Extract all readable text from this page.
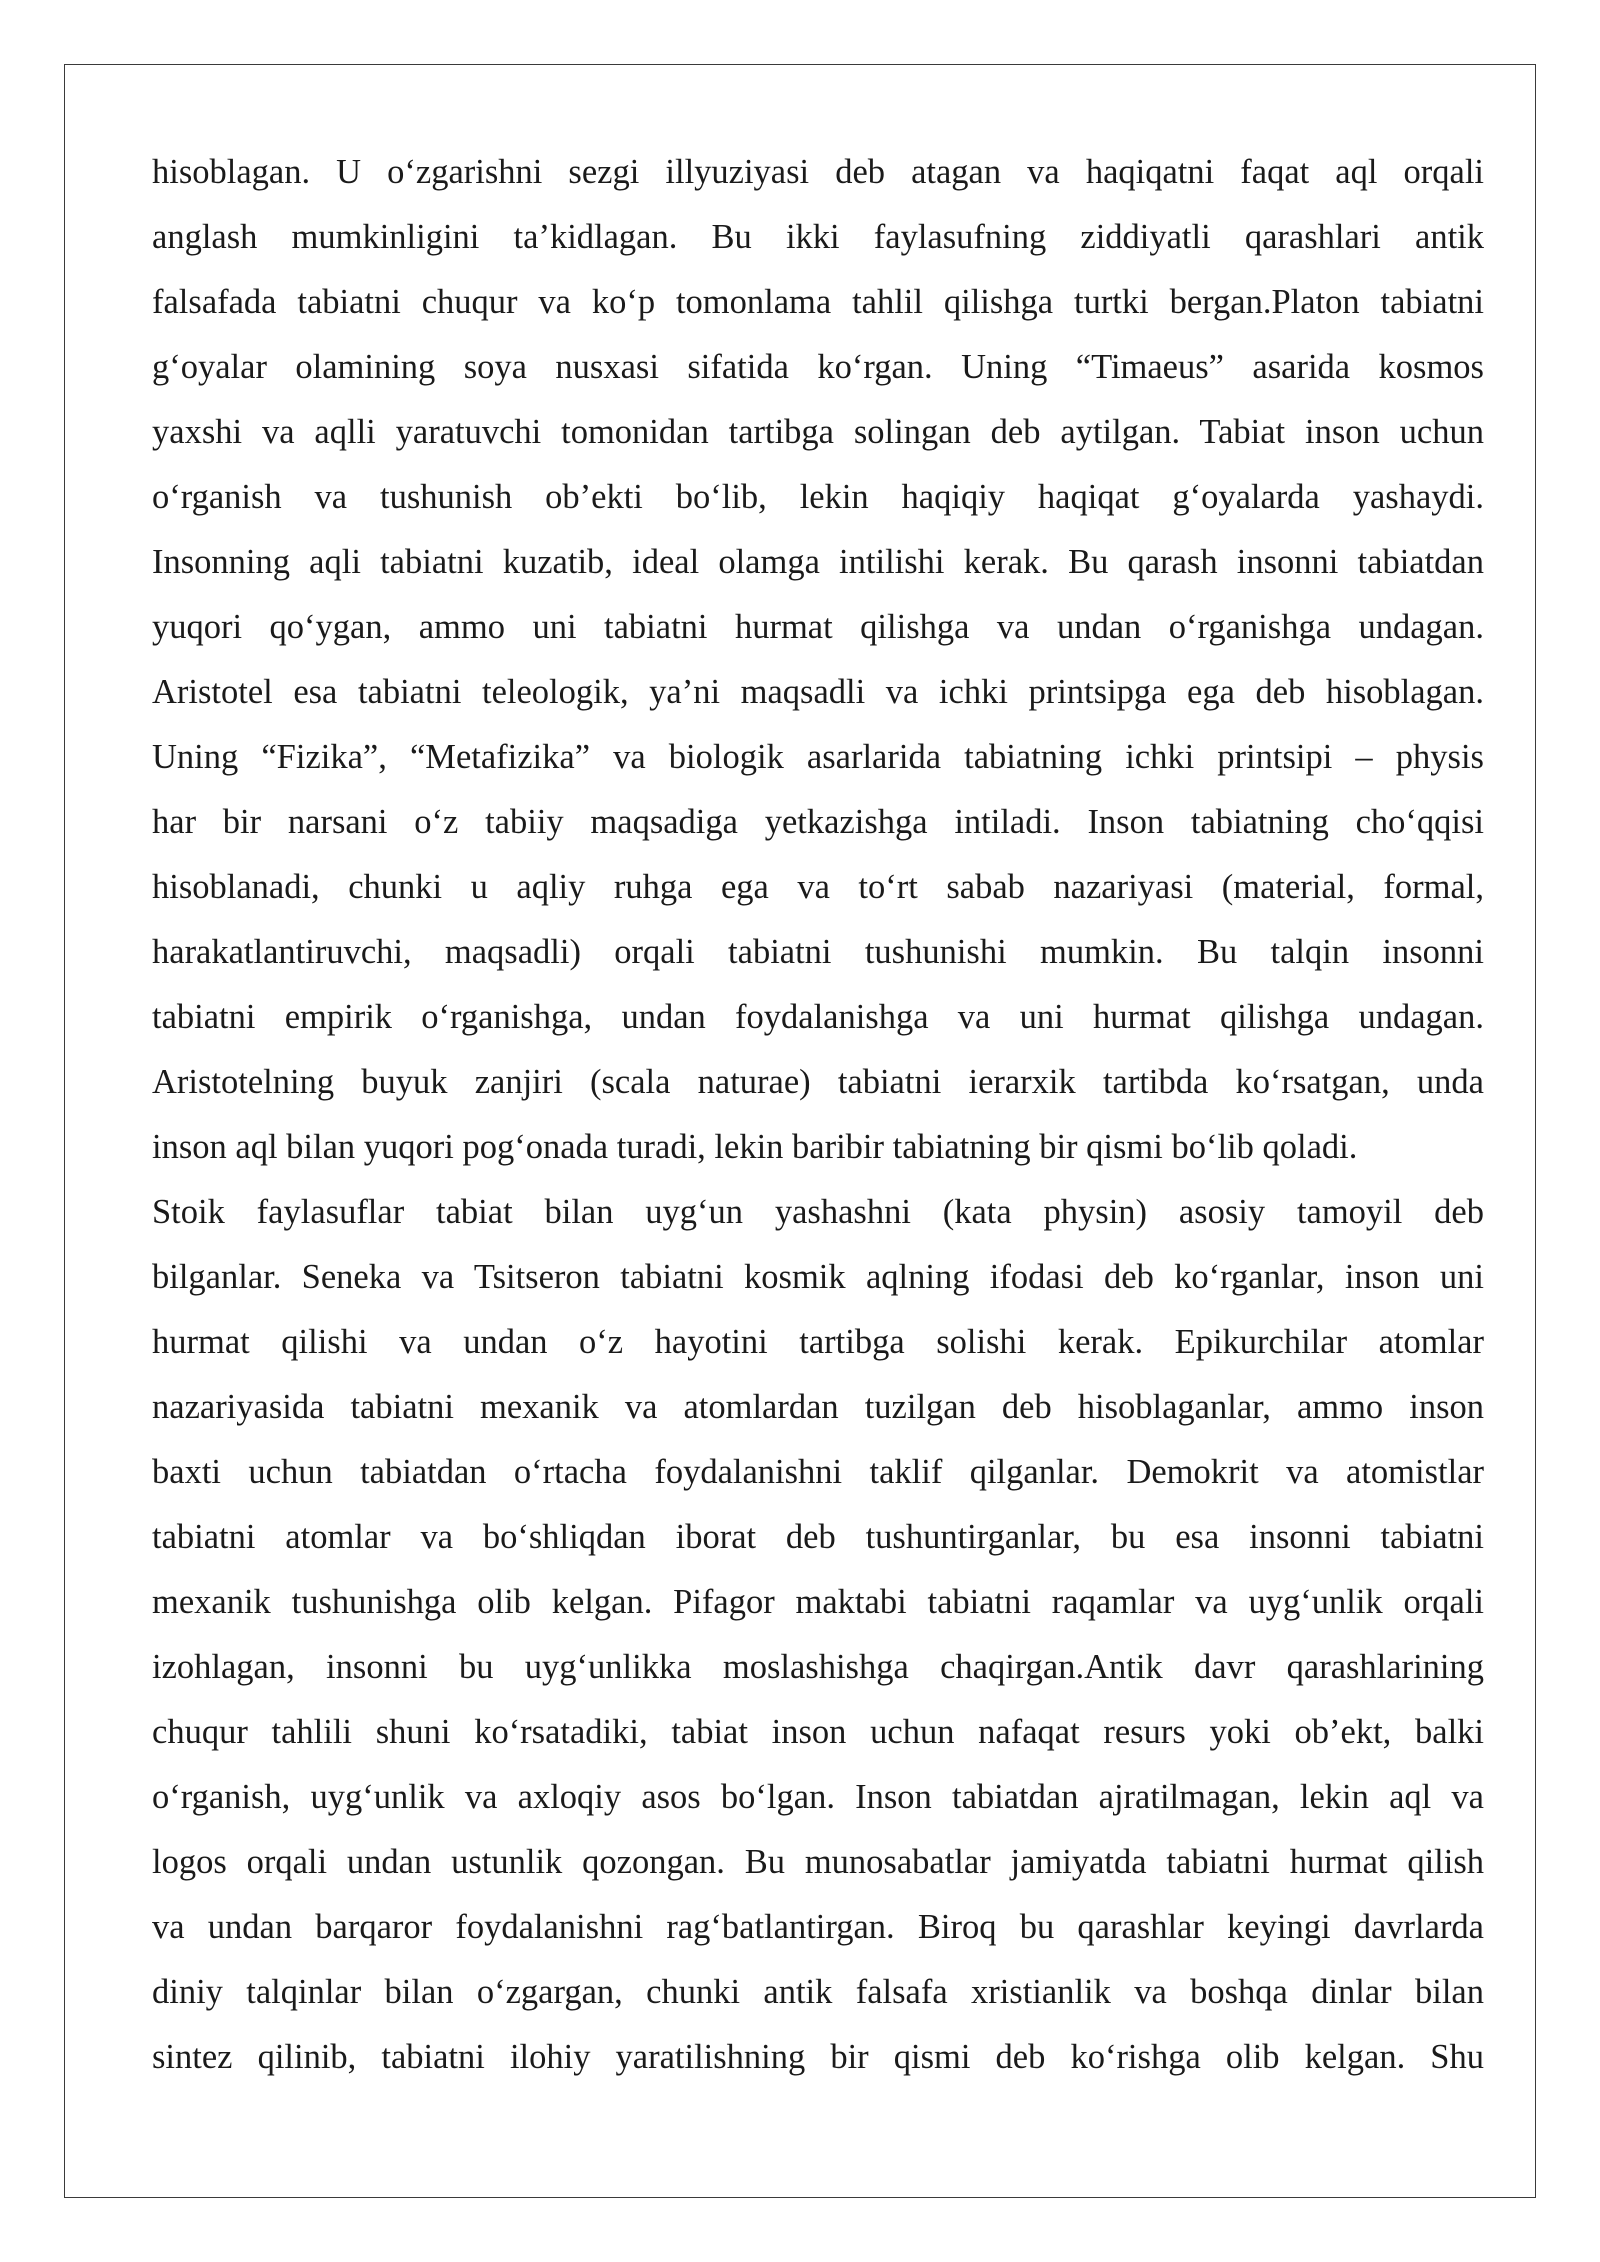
hisoblagan. U o‘zgarishni sezgi illyuziyasi deb atagan va haqiqatni faqat aql orqali
anglash mumkinligini ta’kidlagan. Bu ikki faylasufning ziddiyatli qarashlari antik
falsafada tabiatni chuqur va ko‘p tomonlama tahlil qilishga turtki bergan.Platon tabiatni
g‘oyalar olamining soya nusxasi sifatida ko‘rgan. Uning “Timaeus” asarida kosmos
yaxshi va aqlli yaratuvchi tomonidan tartibga solingan deb aytilgan. Tabiat inson uchun
o‘rganish va tushunish ob’ekti bo‘lib, lekin haqiqiy haqiqat g‘oyalarda yashaydi.
Insonning aqli tabiatni kuzatib, ideal olamga intilishi kerak. Bu qarash insonni tabiatdan
yuqori qo‘ygan, ammo uni tabiatni hurmat qilishga va undan o‘rganishga undagan.
Aristotel esa tabiatni teleologik, ya’ni maqsadli va ichki printsipga ega deb hisoblagan.
Uning “Fizika”, “Metafizika” va biologik asarlarida tabiatning ichki printsipi – physis
har bir narsani o‘z tabiiy maqsadiga yetkazishga intiladi. Inson tabiatning cho‘qqisi
hisoblanadi, chunki u aqliy ruhga ega va to‘rt sabab nazariyasi (material, formal,
harakatlantiruvchi, maqsadli) orqali tabiatni tushunishi mumkin. Bu talqin insonni
tabiatni empirik o‘rganishga, undan foydalanishga va uni hurmat qilishga undagan.
Aristotelning buyuk zanjiri (scala naturae) tabiatni ierarxik tartibda ko‘rsatgan, unda
inson aql bilan yuqori pog‘onada turadi, lekin baribir tabiatning bir qismi bo‘lib qoladi.
Stoik faylasuflar tabiat bilan uyg‘un yashashni (kata physin) asosiy tamoyil deb
bilganlar. Seneka va Tsitseron tabiatni kosmik aqlning ifodasi deb ko‘rganlar, inson uni
hurmat qilishi va undan o‘z hayotini tartibga solishi kerak. Epikurchilar atomlar
nazariyasida tabiatni mexanik va atomlardan tuzilgan deb hisoblaganlar, ammo inson
baxti uchun tabiatdan o‘rtacha foydalanishni taklif qilganlar. Demokrit va atomistlar
tabiatni atomlar va bo‘shliqdan iborat deb tushuntirganlar, bu esa insonni tabiatni
mexanik tushunishga olib kelgan. Pifagor maktabi tabiatni raqamlar va uyg‘unlik orqali
izohlagan, insonni bu uyg‘unlikka moslashishga chaqirgan.Antik davr qarashlarining
chuqur tahlili shuni ko‘rsatadiki, tabiat inson uchun nafaqat resurs yoki ob’ekt, balki
o‘rganish, uyg‘unlik va axloqiy asos bo‘lgan. Inson tabiatdan ajratilmagan, lekin aql va
logos orqali undan ustunlik qozongan. Bu munosabatlar jamiyatda tabiatni hurmat qilish
va undan barqaror foydalanishni rag‘batlantirgan. Biroq bu qarashlar keyingi davrlarda
diniy talqinlar bilan o‘zgargan, chunki antik falsafa xristianlik va boshqa dinlar bilan
sintez qilinib, tabiatni ilohiy yaratilishning bir qismi deb ko‘rishga olib kelgan. Shu
